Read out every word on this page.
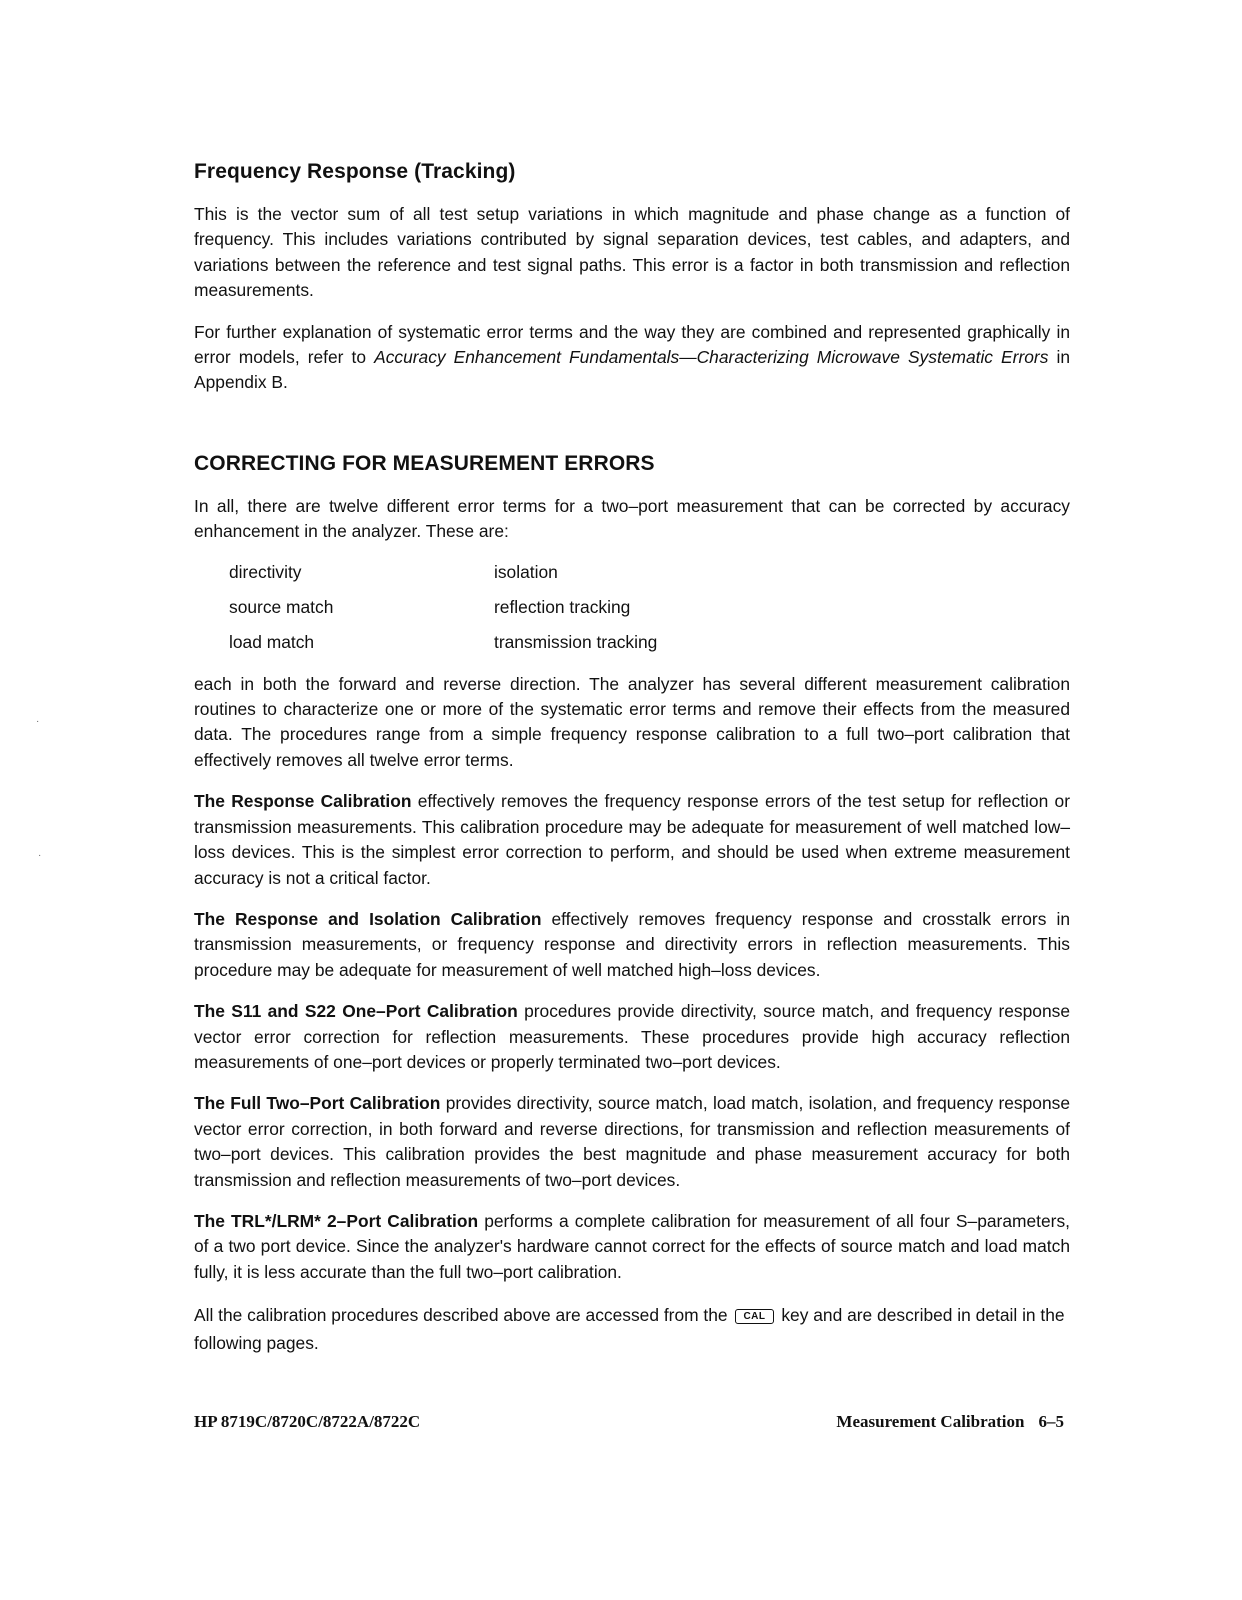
Frequency Response (Tracking)

This is the vector sum of all test setup variations in which magnitude and phase change as a function of frequency. This includes variations contributed by signal separation devices, test cables, and adapters, and variations between the reference and test signal paths. This error is a factor in both transmission and reflection measurements.

For further explanation of systematic error terms and the way they are combined and represented graphically in error models, refer to Accuracy Enhancement Fundamentals—Characterizing Microwave Systematic Errors in Appendix B.

CORRECTING FOR MEASUREMENT ERRORS

In all, there are twelve different error terms for a two–port measurement that can be corrected by accuracy enhancement in the analyzer. These are:

directivity	isolation
source match	reflection tracking
load match	transmission tracking

each in both the forward and reverse direction. The analyzer has several different measurement calibration routines to characterize one or more of the systematic error terms and remove their effects from the measured data. The procedures range from a simple frequency response calibration to a full two–port calibration that effectively removes all twelve error terms.

The Response Calibration effectively removes the frequency response errors of the test setup for reflection or transmission measurements. This calibration procedure may be adequate for measurement of well matched low–loss devices. This is the simplest error correction to perform, and should be used when extreme measurement accuracy is not a critical factor.

The Response and Isolation Calibration effectively removes frequency response and crosstalk errors in transmission measurements, or frequency response and directivity errors in reflection measurements. This procedure may be adequate for measurement of well matched high–loss devices.

The S11 and S22 One–Port Calibration procedures provide directivity, source match, and frequency response vector error correction for reflection measurements. These procedures provide high accuracy reflection measurements of one–port devices or properly terminated two–port devices.

The Full Two–Port Calibration provides directivity, source match, load match, isolation, and frequency response vector error correction, in both forward and reverse directions, for transmission and reflection measurements of two–port devices. This calibration provides the best magnitude and phase measurement accuracy for both transmission and reflection measurements of two–port devices.

The TRL*/LRM* 2–Port Calibration performs a complete calibration for measurement of all four S–parameters, of a two port device. Since the analyzer's hardware cannot correct for the effects of source match and load match fully, it is less accurate than the full two–port calibration.

All the calibration procedures described above are accessed from the CAL key and are described in detail in the following pages.

HP 8719C/8720C/8722A/8722C	Measurement Calibration 6–5
·
·
